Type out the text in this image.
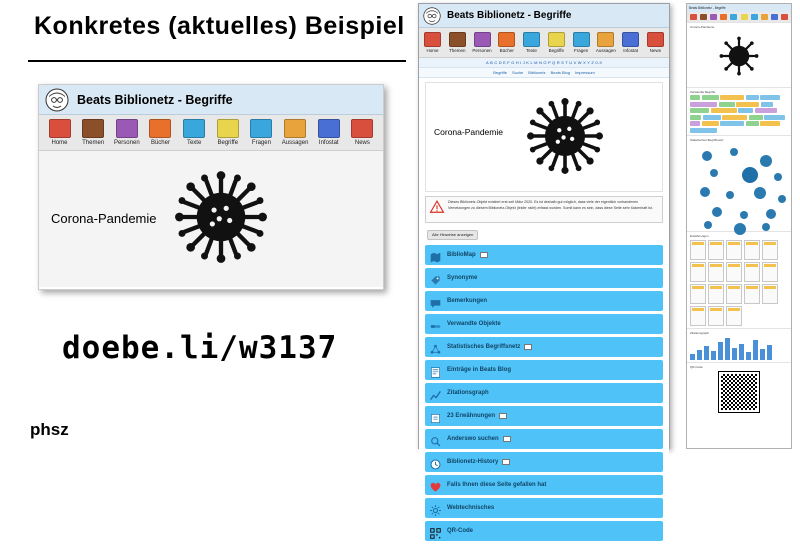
Konkretes (aktuelles) Beispiel
Beats Biblionetz - Begriffe
Home Themen Personen Bücher	Texte	Begriffe Fragen Aussagen Infostat	News
Corona-Pandemie
doebe.li/w3137
phsz
Beats Biblionetz - Begriffe
Home Themen Personen Bücher	Texte	Begriffe Fragen Aussagen Infostat	News
A B C D E F G H I J K L M N O P Q R S T U V W X Y Z 0-9
Begriffe Suche Biblionetz Beats Blog Impressum
Corona-Pandemie
Dieses Biblionetz-Objekt existiert erst seit März 2020. Es ist deshalb gut möglich, dass viele der eigentlich vorhandenen Vernetzungen zu diesem Biblionetz-Objekt (leider nicht) erfasst wurden. Somit kann es sein, dass diese Seite sehr lückenhaft ist.
Alle Hinweise anzeigen
BiblioMap
Synonyme
Bemerkungen
Verwandte Objekte
Statistisches Begriffsnetz
Einträge in Beats Blog
Zitationsgraph
23 Erwähnungen
Anderswo suchen
Biblionetz-History
Falls Ihnen diese Seite gefallen hat
Webtechnisches
QR-Code
Beats Biblionetz - Begriffe
Corona-Pandemie
Verwandte Begriffe
Statistisches Begriffsnetz
Erwähnungen
Zitationsgraph
QR-Code
